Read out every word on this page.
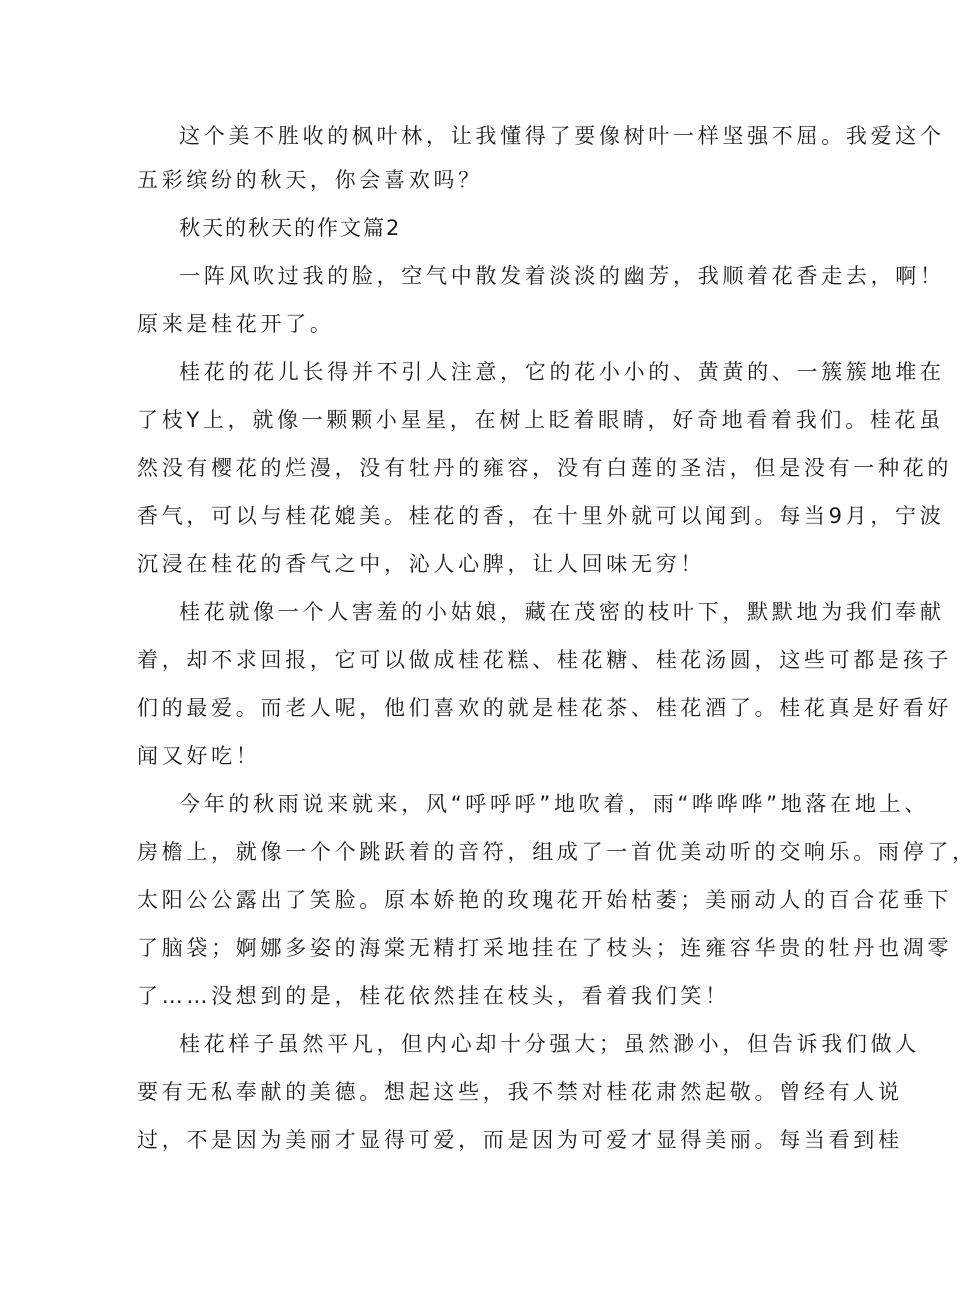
这个美不胜收的枫叶林，让我懂得了要像树叶一样坚强不屈。我爱这个
五彩缤纷的秋天，你会喜欢吗？
秋天的秋天的作文篇2
一阵风吹过我的脸，空气中散发着淡淡的幽芳，我顺着花香走去，啊！
原来是桂花开了。
桂花的花儿长得并不引人注意，它的花小小的、黄黄的、一簇簇地堆在
了枝Y上，就像一颗颗小星星，在树上眨着眼睛，好奇地看着我们。桂花虽
然没有樱花的烂漫，没有牡丹的雍容，没有白莲的圣洁，但是没有一种花的
香气，可以与桂花媲美。桂花的香，在十里外就可以闻到。每当9月，宁波
沉浸在桂花的香气之中，沁人心脾，让人回味无穷！
桂花就像一个人害羞的小姑娘，藏在茂密的枝叶下，默默地为我们奉献
着，却不求回报，它可以做成桂花糕、桂花糖、桂花汤圆，这些可都是孩子
们的最爱。而老人呢，他们喜欢的就是桂花茶、桂花酒了。桂花真是好看好
闻又好吃！
今年的秋雨说来就来，风“呼呼呼”地吹着，雨“哗哗哗”地落在地上、
房檐上，就像一个个跳跃着的音符，组成了一首优美动听的交响乐。雨停了，
太阳公公露出了笑脸。原本娇艳的玫瑰花开始枯萎；美丽动人的百合花垂下
了脑袋；婀娜多姿的海棠无精打采地挂在了枝头；连雍容华贵的牡丹也凋零
了……没想到的是，桂花依然挂在枝头，看着我们笑！
桂花样子虽然平凡，但内心却十分强大；虽然渺小，但告诉我们做人
要有无私奉献的美德。想起这些，我不禁对桂花肃然起敬。曾经有人说
过，不是因为美丽才显得可爱，而是因为可爱才显得美丽。每当看到桂
